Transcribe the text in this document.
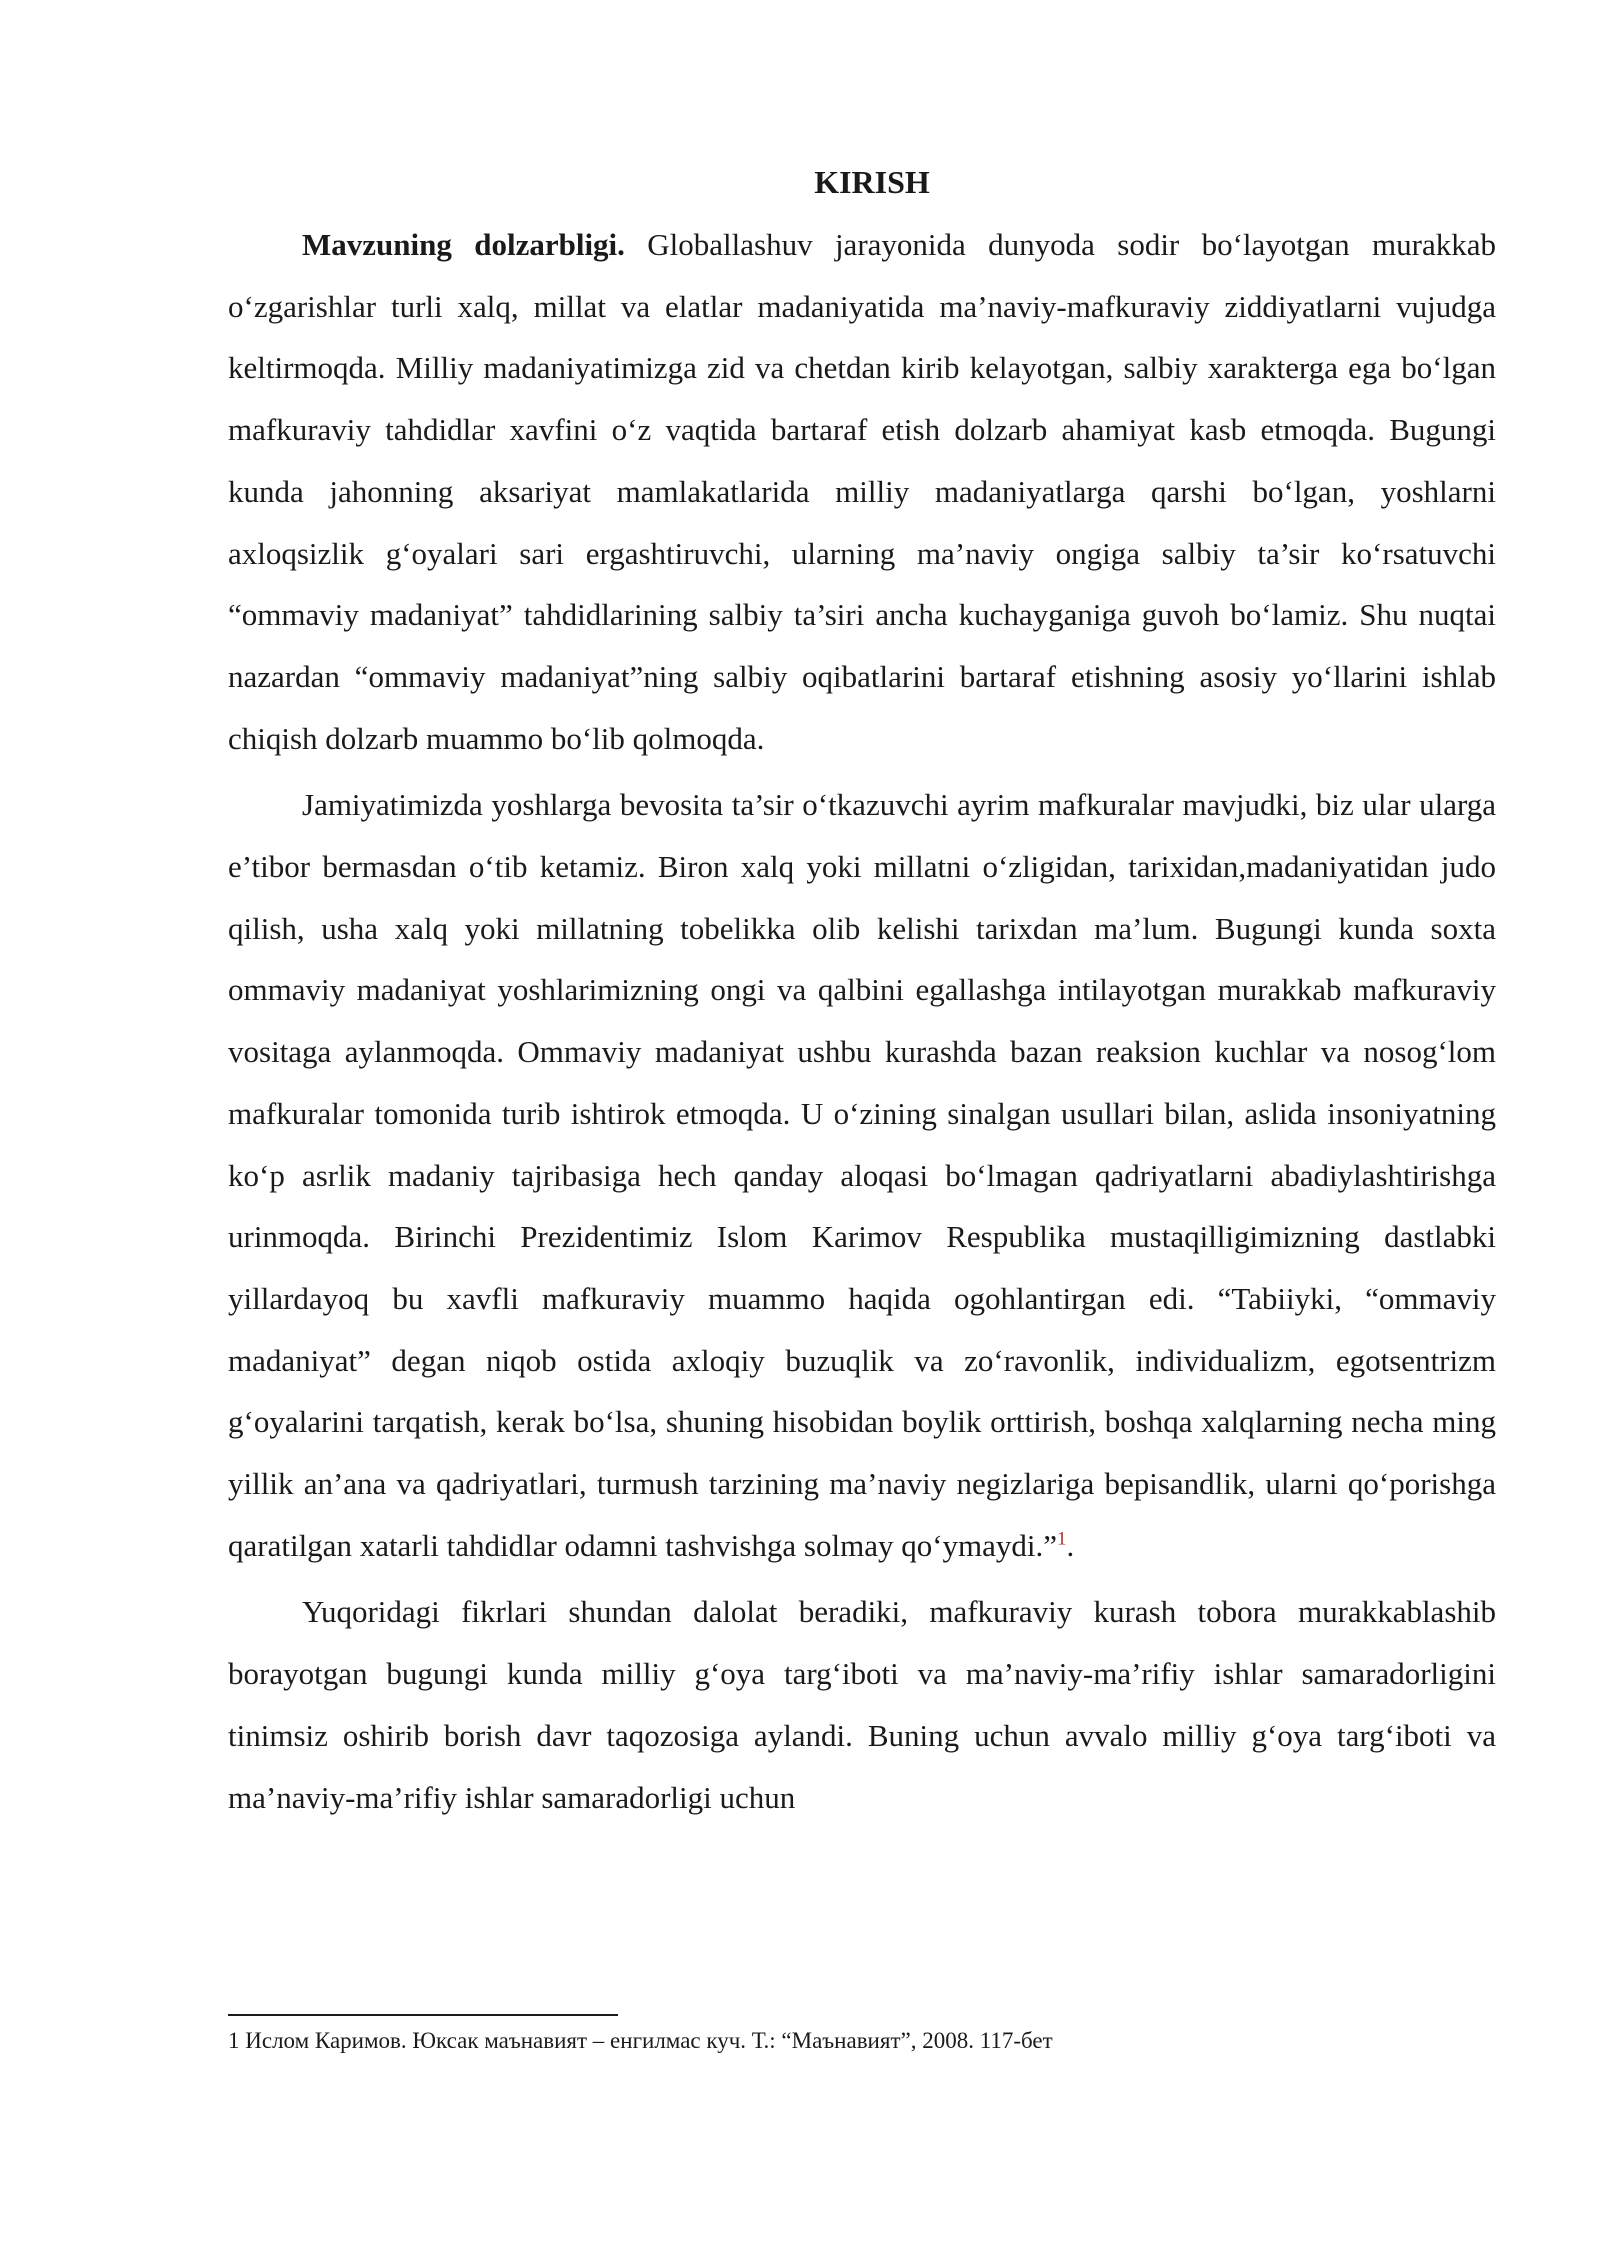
KIRISH

Mavzuning dolzarbligi. Globallashuv jarayonida dunyoda sodir bo‘layotgan murakkab o‘zgarishlar turli xalq, millat va elatlar madaniyatida ma’naviy-mafkuraviy ziddiyatlarni vujudga keltirmoqda. Milliy madaniyatimizga zid va chetdan kirib kelayotgan, salbiy xarakterga ega bo‘lgan mafkuraviy tahdidlar xavfini o‘z vaqtida bartaraf etish dolzarb ahamiyat kasb etmoqda. Bugungi kunda jahonning aksariyat mamlakatlarida milliy madaniyatlarga qarshi bo‘lgan, yoshlarni axloqsizlik g‘oyalari sari ergashtiruvchi, ularning ma’naviy ongiga salbiy ta’sir ko‘rsatuvchi “ommaviy madaniyat” tahdidlarining salbiy ta’siri ancha kuchayganiga guvoh bo‘lamiz. Shu nuqtai nazardan “ommaviy madaniyat”ning salbiy oqibatlarini bartaraf etishning asosiy yo‘llarini ishlab chiqish dolzarb muammo bo‘lib qolmoqda.

Jamiyatimizda yoshlarga bevosita ta’sir o‘tkazuvchi ayrim mafkuralar mavjudki, biz ular ularga e’tibor bermasdan o‘tib ketamiz. Biron xalq yoki millatni o‘zligidan, tarixidan,madaniyatidan judo qilish, usha xalq yoki millatning tobelikka olib kelishi tarixdan ma’lum. Bugungi kunda soxta ommaviy madaniyat yoshlarimizning ongi va qalbini egallashga intilayotgan murakkab mafkuraviy vositaga aylanmoqda. Ommaviy madaniyat ushbu kurashda bazan reaksion kuchlar va nosog‘lom mafkuralar tomonida turib ishtirok etmoqda. U o‘zining sinalgan usullari bilan, aslida insoniyatning ko‘p asrlik madaniy tajribasiga hech qanday aloqasi bo‘lmagan qadriyatlarni abadiylashtirishga urinmoqda. Birinchi Prezidentimiz Islom Karimov Respublika mustaqilligimizning dastlabki yillardayoq bu xavfli mafkuraviy muammo haqida ogohlantirgan edi. “Tabiiyki, “ommaviy madaniyat” degan niqob ostida axloqiy buzuqlik va zo‘ravonlik, individualizm, egotsentrizm g‘oyalarini tarqatish, kerak bo‘lsa, shuning hisobidan boylik orttirish, boshqa xalqlarning necha ming yillik an’ana va qadriyatlari, turmush tarzining ma’naviy negizlariga bepisandlik, ularni qo‘porishga qaratilgan xatarli tahdidlar odamni tashvishga solmay qo‘ymaydi.”$^1$.

Yuqoridagi fikrlari shundan dalolat beradiki, mafkuraviy kurash tobora murakkablashib borayotgan bugungi kunda milliy g‘oya targ‘iboti va ma’naviy-ma’rifiy ishlar samaradorligini tinimsiz oshirib borish davr taqozosiga aylandi. Buning uchun avvalo milliy g‘oya targ‘iboti va ma’naviy-ma’rifiy ishlar samaradorligi uchun

1 Ислом Каримов. Юксак маънавият – енгилмас куч. Т.: “Маънавият”, 2008. 117-бет
